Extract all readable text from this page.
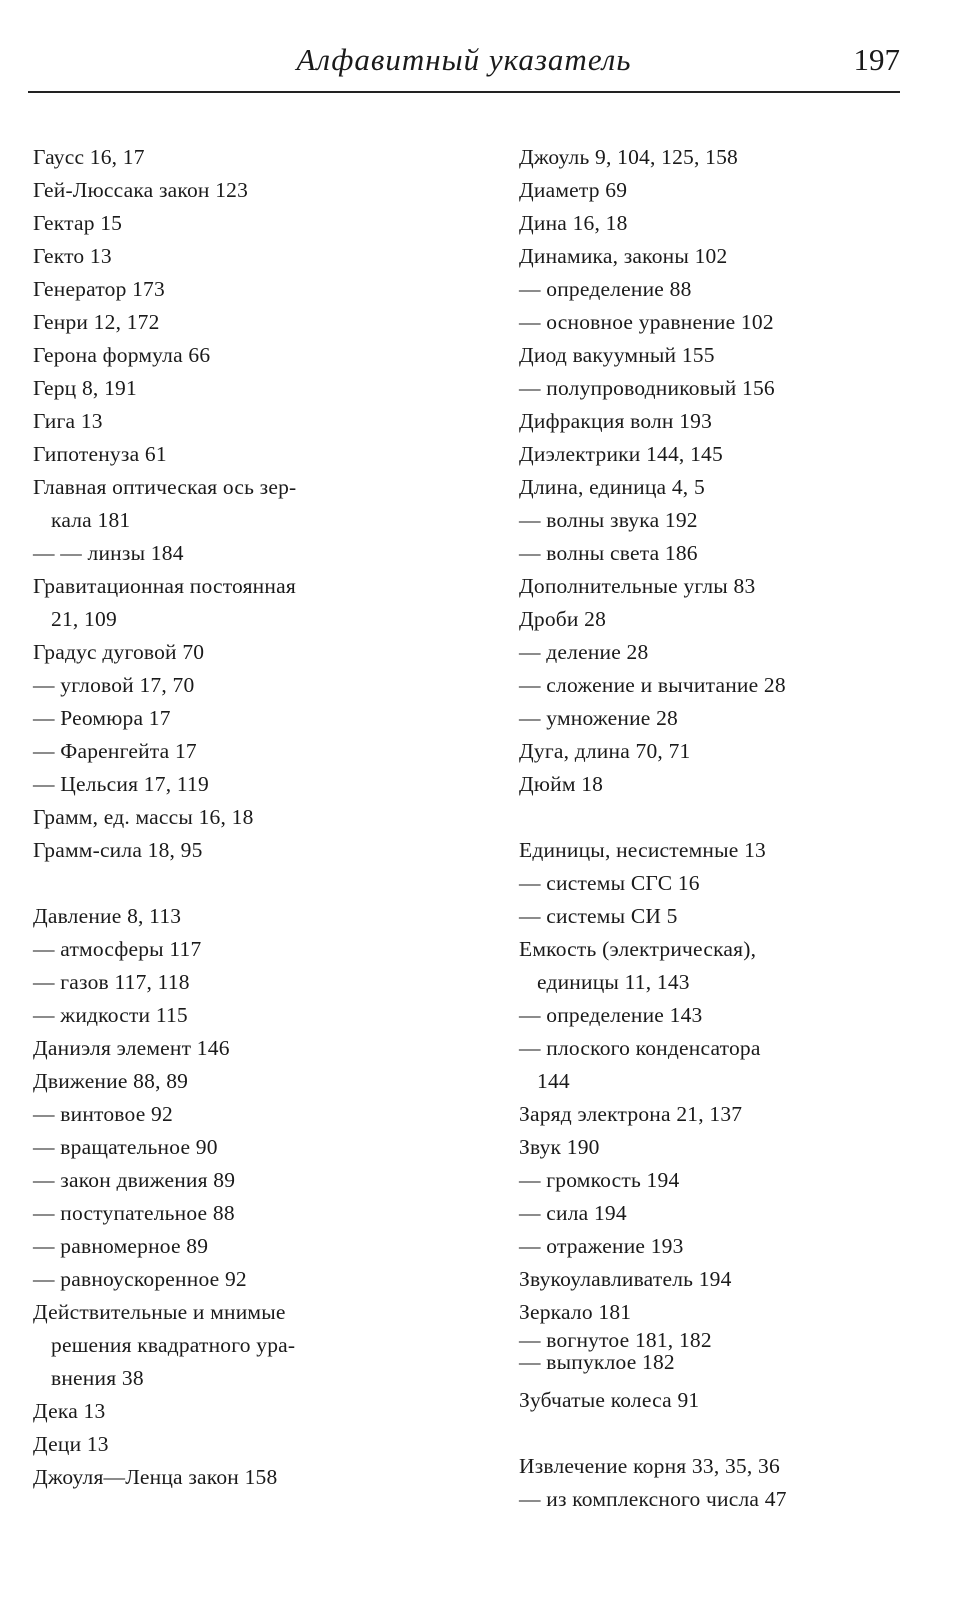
Алфавитный указатель	197
Гаусс 16, 17
Гей-Люссака закон 123
Гектар 15
Гекто 13
Генератор 173
Генри 12, 172
Герона формула 66
Герц 8, 191
Гига 13
Гипотенуза 61
Главная оптическая ось зер-
кала 181
— — линзы 184
Гравитационная постоянная
21, 109
Градус дуговой 70
— угловой 17, 70
— Реомюра 17
— Фаренгейта 17
— Цельсия 17, 119
Грамм, ед. массы 16, 18
Грамм-сила 18, 95
Давление 8, 113
— атмосферы 117
— газов 117, 118
— жидкости 115
Даниэля элемент 146
Движение 88, 89
— винтовое 92
— вращательное 90
— закон движения 89
— поступательное 88
— равномерное 89
— равноускоренное 92
Действительные и мнимые
решения квадратного ура-
внения 38
Дека 13
Деци 13
Джоуля—Ленца закон 158
Джоуль 9, 104, 125, 158
Диаметр 69
Дина 16, 18
Динамика, законы 102
— определение 88
— основное уравнение 102
Диод вакуумный 155
— полупроводниковый 156
Дифракция волн 193
Диэлектрики 144, 145
Длина, единица 4, 5
— волны звука 192
— волны света 186
Дополнительные углы 83
Дроби 28
— деление 28
— сложение и вычитание 28
— умножение 28
Дуга, длина 70, 71
Дюйм 18
Единицы, несистемные 13
— системы СГС 16
— системы СИ 5
Емкость (электрическая),
единицы 11, 143
— определение 143
— плоского конденсатора
144
Заряд электрона 21, 137
Звук 190
— громкость 194
— сила 194
— отражение 193
Звукоулавливатель 194
Зеркало 181
— вогнутое 181, 182
— выпуклое 182
Зубчатые колеса 91
Извлечение корня 33, 35, 36
— из комплексного числа 47
